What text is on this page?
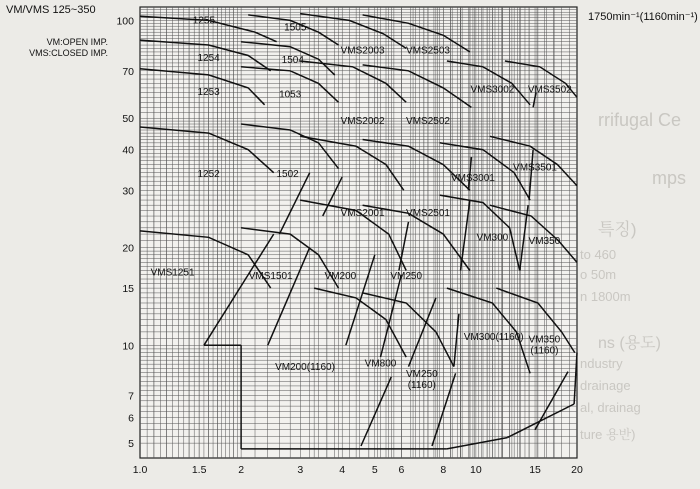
1255
1505
1254	1504
VMS2003 VMS2503
1253	1053	VMS3002 VMS3502
VMS2002 VMS2502
VMS3501
1252	1502	VMS3001
VMS2001 VMS2501
VM300 VM350
VMS1251	VMS1501	VM200	VM250
VM300(1160) VM350 (1160)
VM200(1160)	VM800
VM250 (1160)
5
6
7
10
15
20
30
40
50
70
100
1.0	1.5	2	3	4	5 6	8 10	15	20
VM/VMS 125~350
VM:OPEN IMP.
VMS:CLOSED IMP.
1750min⁻¹(1160min⁻¹)
rrifugal Ce
mps
특징)
to 460
o 50m
n 1800m
ns (용도)
ndustry
drainage
al, drainag
ture 용반)
